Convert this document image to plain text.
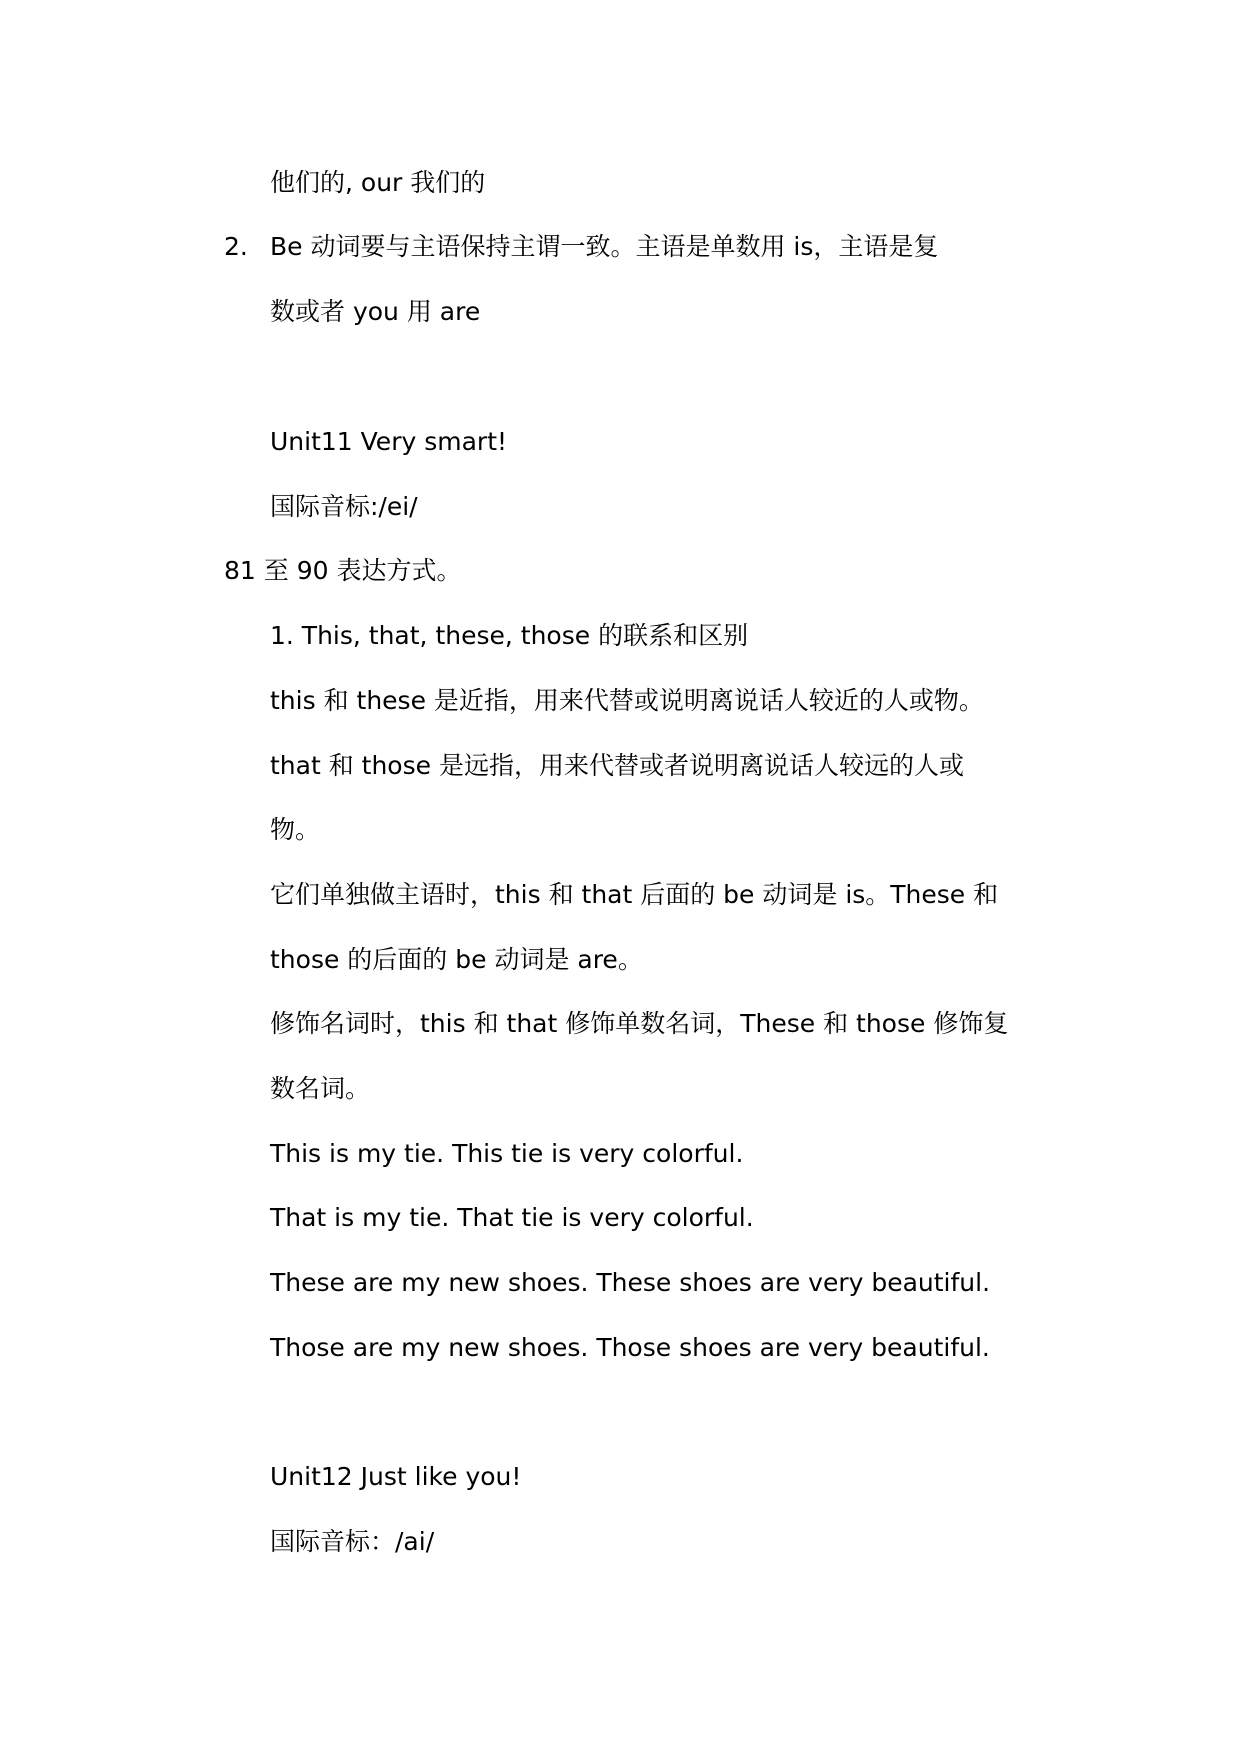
他们的, our 我们的
2. Be 动词要与主语保持主谓一致。主语是单数用 is，主语是复
数或者 you 用 are
Unit11 Very smart!
国际音标:/ei/
81 至 90 表达方式。
1. This, that, these, those 的联系和区别
this 和 these 是近指，用来代替或说明离说话人较近的人或物。
that 和 those 是远指，用来代替或者说明离说话人较远的人或
物。
它们单独做主语时，this 和 that 后面的 be 动词是 is。These 和
those 的后面的 be 动词是 are。
修饰名词时，this 和 that 修饰单数名词，These 和 those 修饰复
数名词。
This is my tie. This tie is very colorful.
That is my tie. That tie is very colorful.
These are my new shoes. These shoes are very beautiful.
Those are my new shoes. Those shoes are very beautiful.
Unit12 Just like you!
国际音标：/ai/
